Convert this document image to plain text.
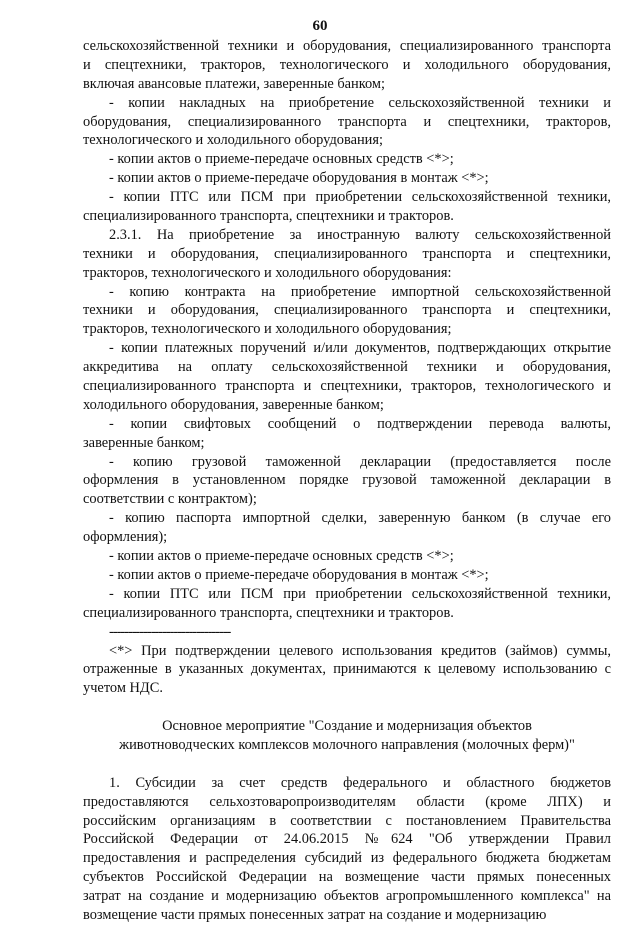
60
сельскохозяйственной техники и оборудования, специализированного транспорта
и спецтехники, тракторов, технологического и холодильного оборудования,
включая авансовые платежи, заверенные банком;
- копии накладных на приобретение сельскохозяйственной техники и
оборудования, специализированного транспорта и спецтехники, тракторов,
технологического и холодильного оборудования;
- копии актов о приеме-передаче основных средств <*>;
- копии актов о приеме-передаче оборудования в монтаж <*>;
- копии ПТС или ПСМ при приобретении сельскохозяйственной техники,
специализированного транспорта, спецтехники и тракторов.
2.3.1. На приобретение за иностранную валюту сельскохозяйственной
техники и оборудования, специализированного транспорта и спецтехники,
тракторов, технологического и холодильного оборудования:
- копию контракта на приобретение импортной сельскохозяйственной
техники и оборудования, специализированного транспорта и спецтехники,
тракторов, технологического и холодильного оборудования;
- копии платежных поручений и/или документов, подтверждающих открытие
аккредитива на оплату сельскохозяйственной техники и оборудования,
специализированного транспорта и спецтехники, тракторов, технологического и
холодильного оборудования, заверенные банком;
- копии свифтовых сообщений о подтверждении перевода валюты,
заверенные банком;
- копию грузовой таможенной декларации (предоставляется после
оформления в установленном порядке грузовой таможенной декларации в
соответствии с контрактом);
- копию паспорта импортной сделки, заверенную банком (в случае его
оформления);
- копии актов о приеме-передаче основных средств <*>;
- копии актов о приеме-передаче оборудования в монтаж <*>;
- копии ПТС или ПСМ при приобретении сельскохозяйственной техники,
специализированного транспорта, спецтехники и тракторов.
--------------------------------
<*> При подтверждении целевого использования кредитов (займов) суммы,
отраженные в указанных документах, принимаются к целевому использованию с
учетом НДС.
Основное мероприятие "Создание и модернизация объектов
животноводческих комплексов молочного направления (молочных ферм)"
1. Субсидии за счет средств федерального и областного бюджетов
предоставляются сельхозтоваропроизводителям области (кроме ЛПХ) и
российским организациям в соответствии с постановлением Правительства
Российской Федерации от 24.06.2015 №624 "Об утверждении Правил
предоставления и распределения субсидий из федерального бюджета бюджетам
субъектов Российской Федерации на возмещение части прямых понесенных
затрат на создание и модернизацию объектов агропромышленного комплекса" на
возмещение части прямых понесенных затрат на создание и модернизацию
